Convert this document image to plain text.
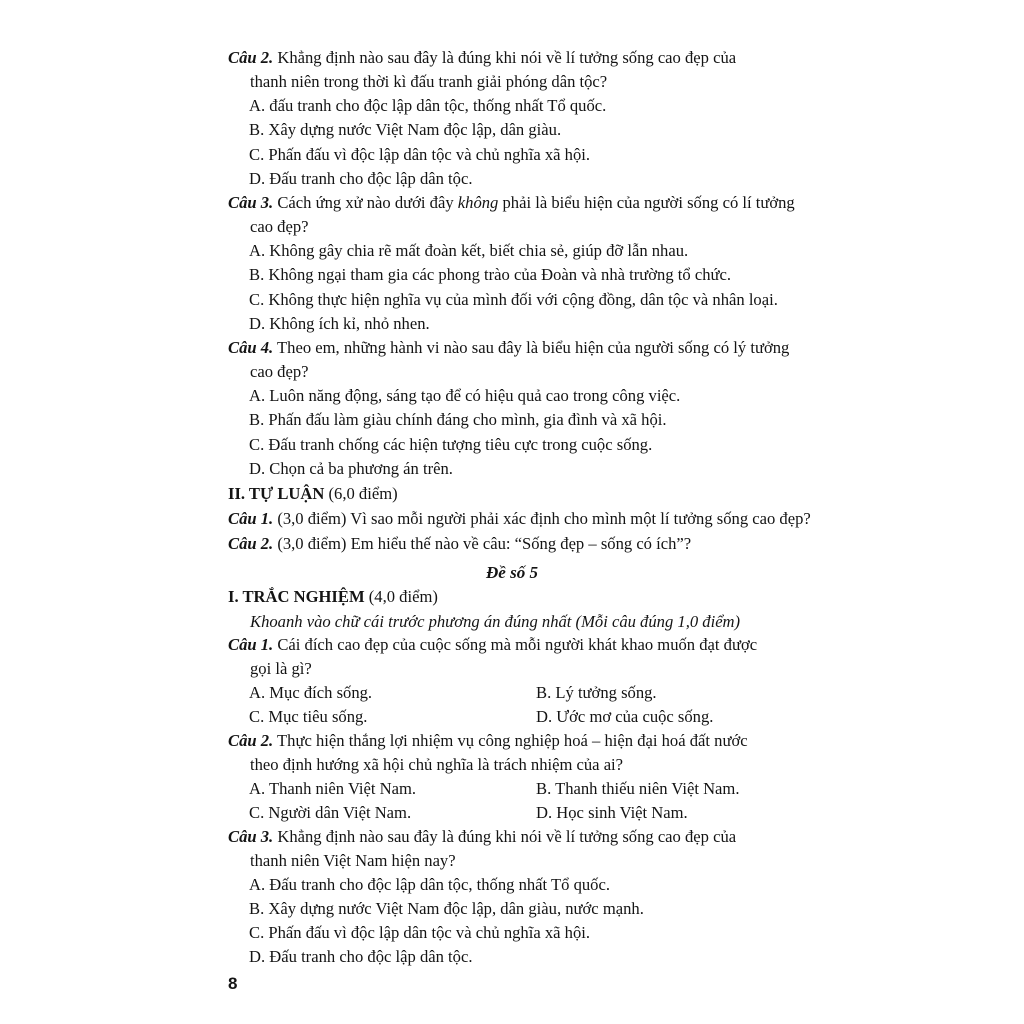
Câu 2. Khẳng định nào sau đây là đúng khi nói về lí tưởng sống cao đẹp của
thanh niên trong thời kì đấu tranh giải phóng dân tộc?
A. đấu tranh cho độc lập dân tộc, thống nhất Tổ quốc.
B. Xây dựng nước Việt Nam độc lập, dân giàu.
C. Phấn đấu vì độc lập dân tộc và chủ nghĩa xã hội.
D. Đấu tranh cho độc lập dân tộc.
Câu 3. Cách ứng xử nào dưới đây không phải là biểu hiện của người sống có lí tưởng
cao đẹp?
A. Không gây chia rẽ mất đoàn kết, biết chia sẻ, giúp đỡ lẫn nhau.
B. Không ngại tham gia các phong trào của Đoàn và nhà trường tổ chức.
C. Không thực hiện nghĩa vụ của mình đối với cộng đồng, dân tộc và nhân loại.
D. Không ích kỉ, nhỏ nhen.
Câu 4. Theo em, những hành vi nào sau đây là biểu hiện của người sống có lý tưởng
cao đẹp?
A. Luôn năng động, sáng tạo để có hiệu quả cao trong công việc.
B. Phấn đấu làm giàu chính đáng cho mình, gia đình và xã hội.
C. Đấu tranh chống các hiện tượng tiêu cực trong cuộc sống.
D. Chọn cả ba phương án trên.
II. TỰ LUẬN (6,0 điểm)
Câu 1. (3,0 điểm) Vì sao mỗi người phải xác định cho mình một lí tưởng sống cao đẹp?
Câu 2. (3,0 điểm) Em hiểu thế nào về câu: “Sống đẹp – sống có ích”?
Đề số 5
I. TRẮC NGHIỆM (4,0 điểm)
Khoanh vào chữ cái trước phương án đúng nhất (Mỗi câu đúng 1,0 điểm)
Câu 1. Cái đích cao đẹp của cuộc sống mà mỗi người khát khao muốn đạt được
gọi là gì?
A. Mục đích sống.	B. Lý tưởng sống.
C. Mục tiêu sống.	D. Ước mơ của cuộc sống.
Câu 2. Thực hiện thắng lợi nhiệm vụ công nghiệp hoá – hiện đại hoá đất nước
theo định hướng xã hội chủ nghĩa là trách nhiệm của ai?
A. Thanh niên Việt Nam.	B. Thanh thiếu niên Việt Nam.
C. Người dân Việt Nam.	D. Học sinh Việt Nam.
Câu 3. Khẳng định nào sau đây là đúng khi nói về lí tưởng sống cao đẹp của
thanh niên Việt Nam hiện nay?
A. Đấu tranh cho độc lập dân tộc, thống nhất Tổ quốc.
B. Xây dựng nước Việt Nam độc lập, dân giàu, nước mạnh.
C. Phấn đấu vì độc lập dân tộc và chủ nghĩa xã hội.
D. Đấu tranh cho độc lập dân tộc.
8
